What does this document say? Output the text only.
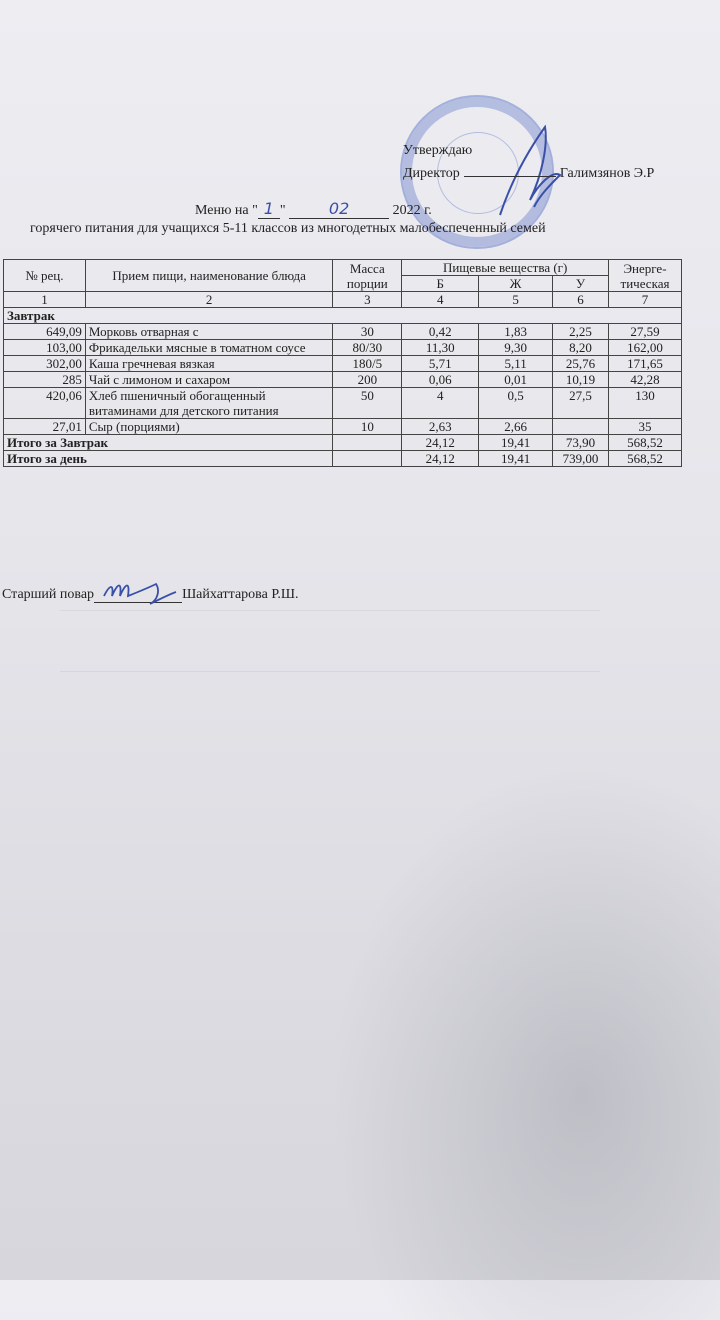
Утверждаю
Директор	Галимзянов Э.Р
Меню на " 1 "	02	2022 г.
горячего питания для учащихся 5-11 классов из многодетных малобеспеченный семей
№ рец.	Прием пищи, наименование блюда	Масса порции	Пищевые вещества (г)			Энерге-тическая
			Б	Ж	У	
1	2	3	4	5	6	7
Завтрак						
649,09	Морковь отварная с	30	0,42	1,83	2,25	27,59
103,00	Фрикадельки мясные в томатном соусе	80/30	11,30	9,30	8,20	162,00
302,00	Каша гречневая вязкая	180/5	5,71	5,11	25,76	171,65
285	Чай с лимоном и сахаром	200	0,06	0,01	10,19	42,28
420,06	Хлеб пшеничный обогащенный витаминами для детского питания	50	4	0,5	27,5	130
27,01	Сыр (порциями)	10	2,63	2,66		35
Итого за Завтрак			24,12	19,41	73,90	568,52
Итого за день			24,12	19,41	739,00	568,52
Старший повар	Шайхаттарова Р.Ш.
